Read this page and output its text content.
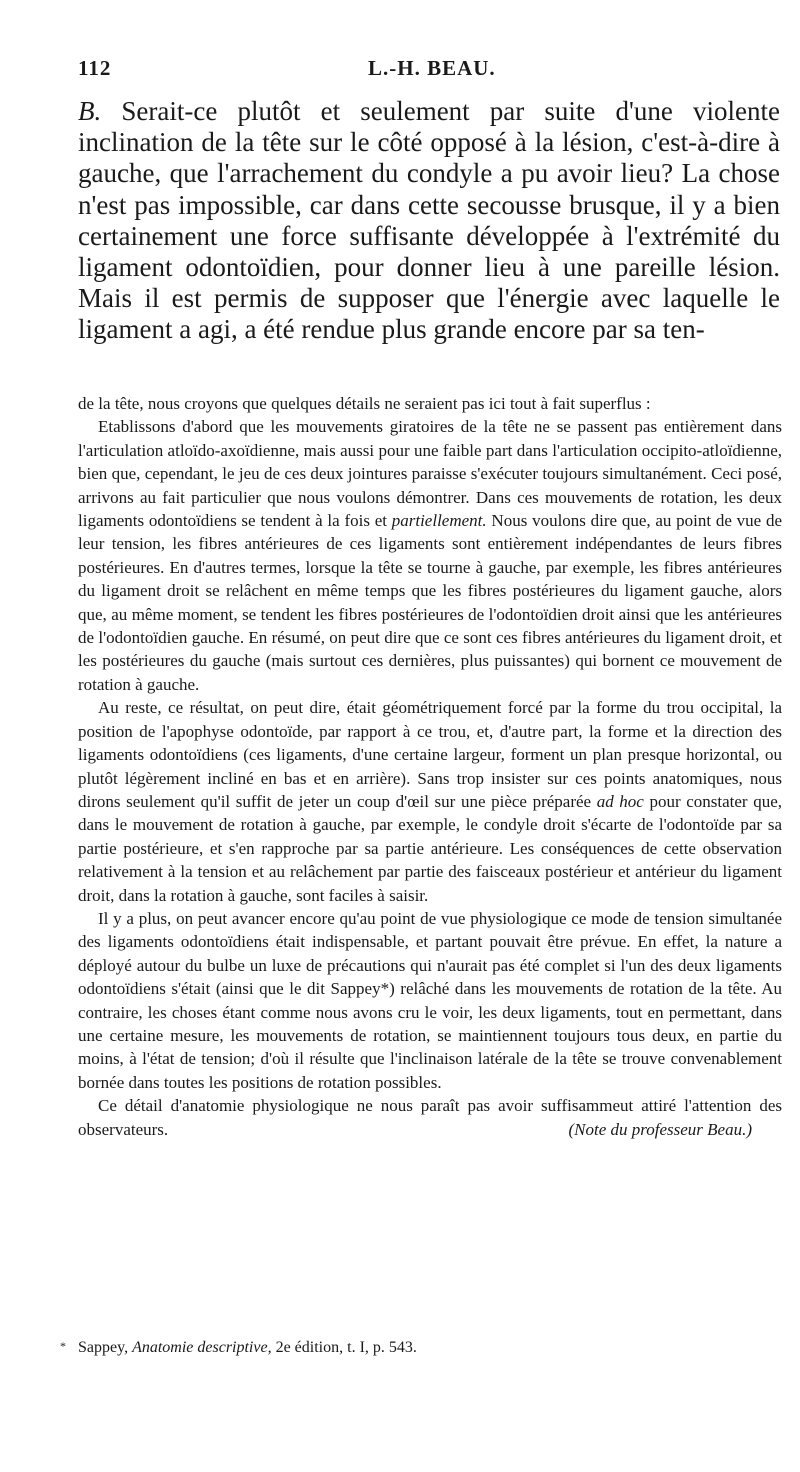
112	L.-H. BEAU.

B. Serait-ce plutôt et seulement par suite d'une violente inclination de la tête sur le côté opposé à la lésion, c'est-à-dire à gauche, que l'arrachement du condyle a pu avoir lieu? La chose n'est pas impossible, car dans cette secousse brusque, il y a bien certainement une force suffisante développée à l'extrémité du ligament odontoïdien, pour donner lieu à une pareille lésion. Mais il est permis de supposer que l'énergie avec laquelle le ligament a agi, a été rendue plus grande encore par sa ten-

de la tête, nous croyons que quelques détails ne seraient pas ici tout à fait superflus :

Etablissons d'abord que les mouvements giratoires de la tête ne se passent pas entièrement dans l'articulation atloïdo-axoïdienne, mais aussi pour une faible part dans l'articulation occipito-atloïdienne, bien que, cependant, le jeu de ces deux jointures paraisse s'exécuter toujours simultanément. Ceci posé, arrivons au fait particulier que nous voulons démontrer. Dans ces mouvements de rotation, les deux ligaments odontoïdiens se tendent à la fois et partiellement. Nous voulons dire que, au point de vue de leur tension, les fibres antérieures de ces ligaments sont entièrement indépendantes de leurs fibres postérieures. En d'autres termes, lorsque la tête se tourne à gauche, par exemple, les fibres antérieures du ligament droit se relâchent en même temps que les fibres postérieures du ligament gauche, alors que, au même moment, se tendent les fibres postérieures de l'odontoïdien droit ainsi que les antérieures de l'odontoïdien gauche. En résumé, on peut dire que ce sont ces fibres antérieures du ligament droit, et les postérieures du gauche (mais surtout ces dernières, plus puissantes) qui bornent ce mouvement de rotation à gauche.

Au reste, ce résultat, on peut dire, était géométriquement forcé par la forme du trou occipital, la position de l'apophyse odontoïde, par rapport à ce trou, et, d'autre part, la forme et la direction des ligaments odontoïdiens (ces ligaments, d'une certaine largeur, forment un plan presque horizontal, ou plutôt légèrement incliné en bas et en arrière). Sans trop insister sur ces points anatomiques, nous dirons seulement qu'il suffit de jeter un coup d'œil sur une pièce préparée ad hoc pour constater que, dans le mouvement de rotation à gauche, par exemple, le condyle droit s'écarte de l'odontoïde par sa partie postérieure, et s'en rapproche par sa partie antérieure. Les conséquences de cette observation relativement à la tension et au relâchement par partie des faisceaux postérieur et antérieur du ligament droit, dans la rotation à gauche, sont faciles à saisir.

Il y a plus, on peut avancer encore qu'au point de vue physiologique ce mode de tension simultanée des ligaments odontoïdiens était indispensable, et partant pouvait être prévue. En effet, la nature a déployé autour du bulbe un luxe de précautions qui n'aurait pas été complet si l'un des deux ligaments odontoïdiens s'était (ainsi que le dit Sappey*) relâché dans les mouvements de rotation de la tête. Au contraire, les choses étant comme nous avons cru le voir, les deux ligaments, tout en permettant, dans une certaine mesure, les mouvements de rotation, se maintiennent toujours tous deux, en partie du moins, à l'état de tension; d'où il résulte que l'inclinaison latérale de la tête se trouve convenablement bornée dans toutes les positions de rotation possibles.

Ce détail d'anatomie physiologique ne nous paraît pas avoir suffisammeut attiré l'attention des observateurs.	(Note du professeur Beau.)
* Sappey, Anatomie descriptive, 2e édition, t. I, p. 543.
